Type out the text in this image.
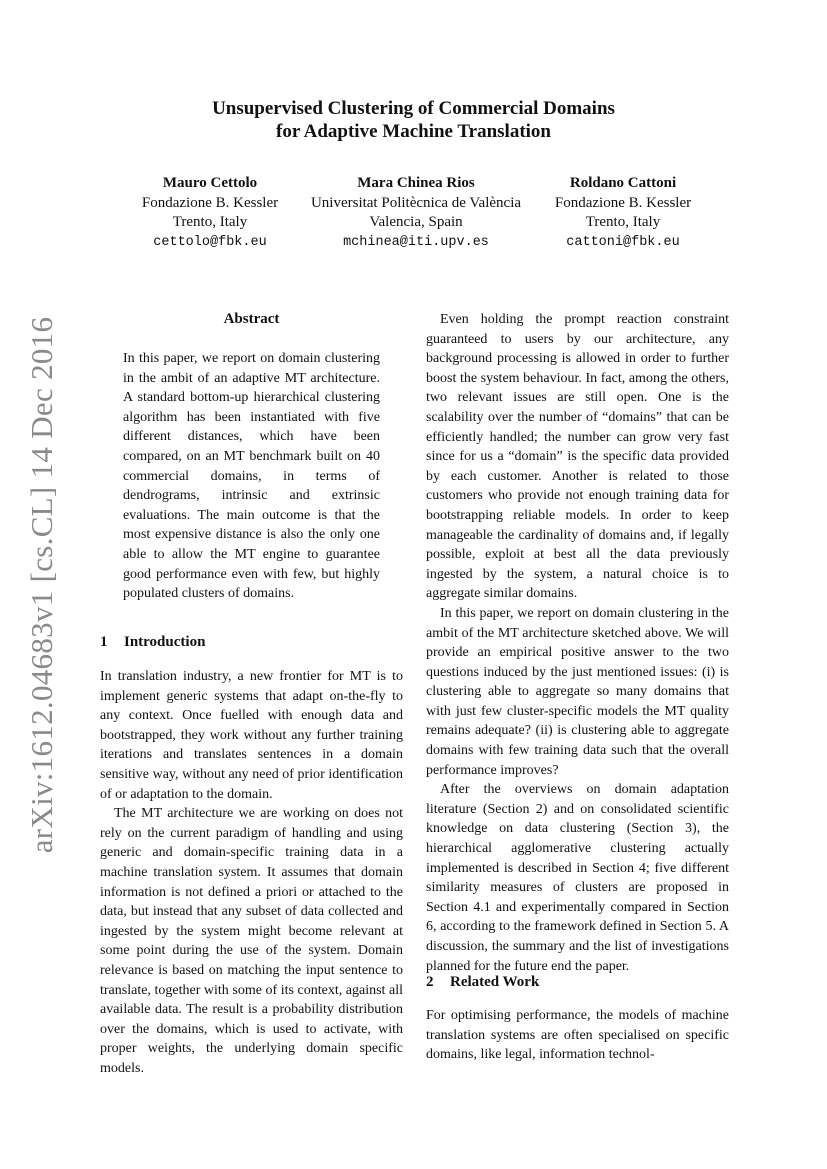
arXiv:1612.04683v1 [cs.CL] 14 Dec 2016
Unsupervised Clustering of Commercial Domains
for Adaptive Machine Translation
Mauro Cettolo
Fondazione B. Kessler
Trento, Italy
cettolo@fbk.eu
Mara Chinea Rios
Universitat Politècnica de València
Valencia, Spain
mchinea@iti.upv.es
Roldano Cattoni
Fondazione B. Kessler
Trento, Italy
cattoni@fbk.eu
Abstract
In this paper, we report on domain clustering in the ambit of an adaptive MT architecture. A standard bottom-up hierarchical clustering algorithm has been instantiated with five different distances, which have been compared, on an MT benchmark built on 40 commercial domains, in terms of dendrograms, intrinsic and extrinsic evaluations. The main outcome is that the most expensive distance is also the only one able to allow the MT engine to guarantee good performance even with few, but highly populated clusters of domains.
1 Introduction

In translation industry, a new frontier for MT is to implement generic systems that adapt on-the-fly to any context. Once fuelled with enough data and bootstrapped, they work without any further training iterations and translates sentences in a domain sensitive way, without any need of prior identification of or adaptation to the domain.

The MT architecture we are working on does not rely on the current paradigm of handling and using generic and domain-specific training data in a machine translation system. It assumes that domain information is not defined a priori or attached to the data, but instead that any subset of data collected and ingested by the system might become relevant at some point during the use of the system. Domain relevance is based on matching the input sentence to translate, together with some of its context, against all available data. The result is a probability distribution over the domains, which is used to activate, with proper weights, the underlying domain specific models.

Even holding the prompt reaction constraint guaranteed to users by our architecture, any background processing is allowed in order to further boost the system behaviour. In fact, among the others, two relevant issues are still open. One is the scalability over the number of “domains” that can be efficiently handled; the number can grow very fast since for us a “domain” is the specific data provided by each customer. Another is related to those customers who provide not enough training data for bootstrapping reliable models. In order to keep manageable the cardinality of domains and, if legally possible, exploit at best all the data previously ingested by the system, a natural choice is to aggregate similar domains.

In this paper, we report on domain clustering in the ambit of the MT architecture sketched above. We will provide an empirical positive answer to the two questions induced by the just mentioned issues: (i) is clustering able to aggregate so many domains that with just few cluster-specific models the MT quality remains adequate? (ii) is clustering able to aggregate domains with few training data such that the overall performance improves?

After the overviews on domain adaptation literature (Section 2) and on consolidated scientific knowledge on data clustering (Section 3), the hierarchical agglomerative clustering actually implemented is described in Section 4; five different similarity measures of clusters are proposed in Section 4.1 and experimentally compared in Section 6, according to the framework defined in Section 5. A discussion, the summary and the list of investigations planned for the future end the paper.

2 Related Work

For optimising performance, the models of machine translation systems are often specialised on specific domains, like legal, information technol-
